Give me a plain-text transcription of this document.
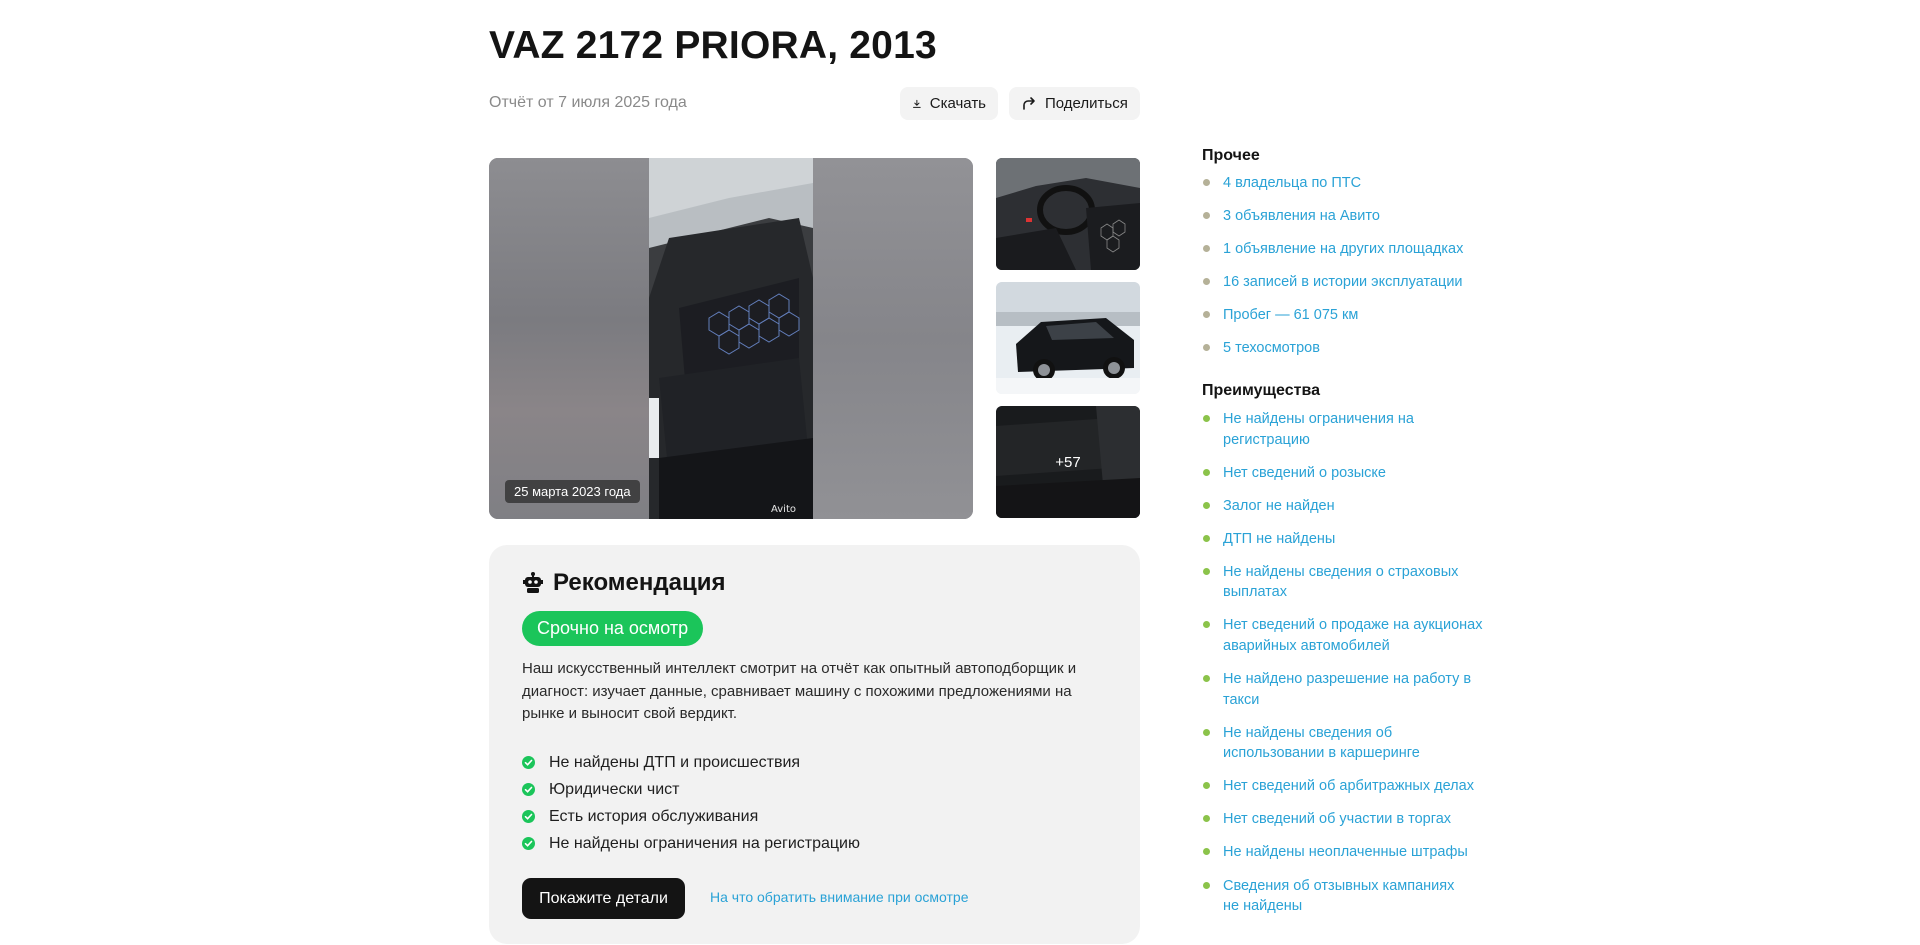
VAZ 2172 PRIORA, 2013
Отчёт от 7 июля 2025 года	Скачать	Поделиться
Avito
25 марта 2023 года
+57
Рекомендация
Срочно на осмотр
Наш искусственный интеллект смотрит на отчёт как опытный автоподборщик и диагност: изучает данные, сравнивает машину с похожими предложениями на рынке и выносит свой вердикт.
Не найдены ДТП и происшествия
Юридически чист
Есть история обслуживания
Не найдены ограничения на регистрацию
Покажите детали	На что обратить внимание при осмотре
Прочее
4 владельца по ПТС
3 объявления на Авито
1 объявление на других площадках
16 записей в истории эксплуатации
Пробег — 61 075 км
5 техосмотров
Преимущества
Не найдены ограничения на регистрацию
Нет сведений о розыске
Залог не найден
ДТП не найдены
Не найдены сведения о страховых выплатах
Нет сведений о продаже на аукционах аварийных автомобилей
Не найдено разрешение на работу в такси
Не найдены сведения об использовании в каршеринге
Нет сведений об арбитражных делах
Нет сведений об участии в торгах
Не найдены неоплаченные штрафы
Сведения об отзывных кампаниях не найдены
